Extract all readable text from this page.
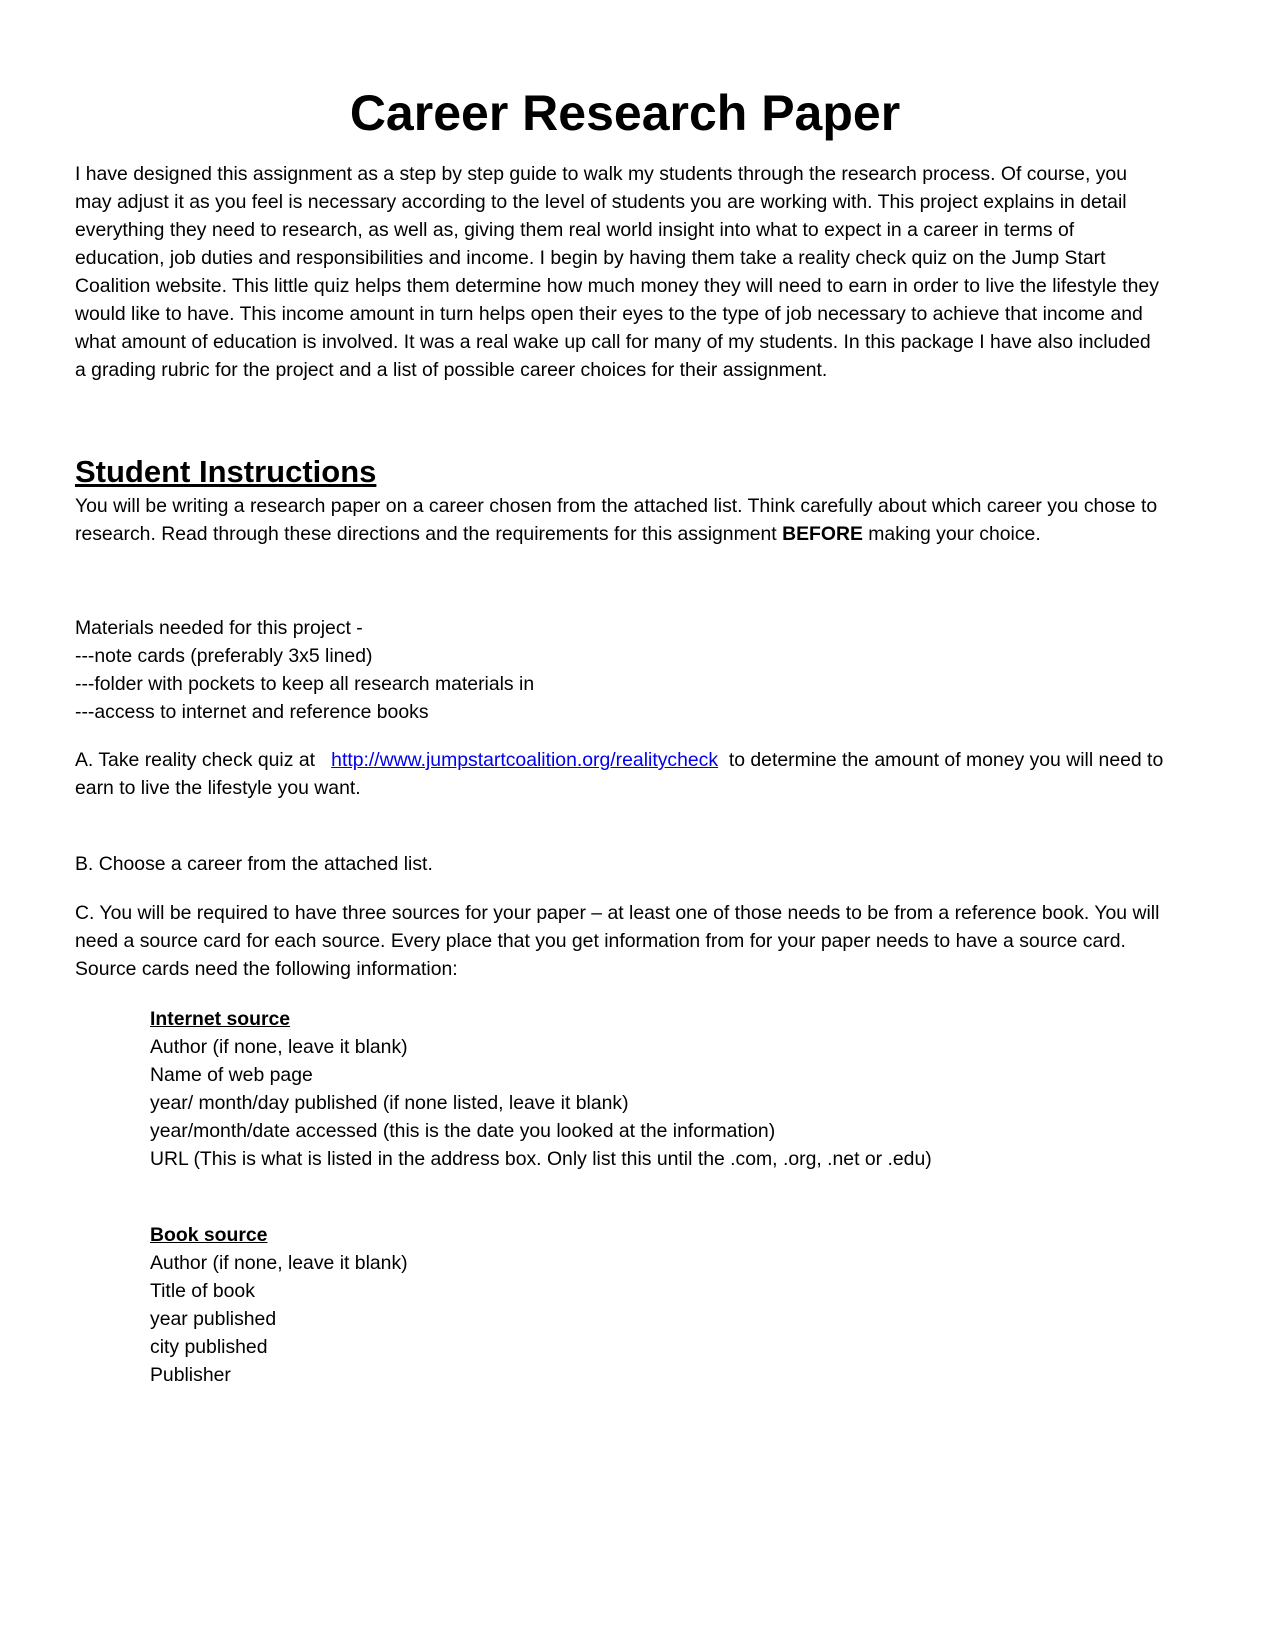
Career Research Paper

I have designed this assignment as a step by step guide to walk my students through the research process. Of course, you may adjust it as you feel is necessary according to the level of students you are working with. This project explains in detail everything they need to research, as well as, giving them real world insight into what to expect in a career in terms of education, job duties and responsibilities and income. I begin by having them take a reality check quiz on the Jump Start Coalition website. This little quiz helps them determine how much money they will need to earn in order to live the lifestyle they would like to have. This income amount in turn helps open their eyes to the type of job necessary to achieve that income and what amount of education is involved. It was a real wake up call for many of my students. In this package I have also included a grading rubric for the project and a list of possible career choices for their assignment.

Student Instructions

You will be writing a research paper on a career chosen from the attached list. Think carefully about which career you chose to research. Read through these directions and the requirements for this assignment BEFORE making your choice.

Materials needed for this project -
---note cards (preferably 3x5 lined)
---folder with pockets to keep all research materials in
---access to internet and reference books

A. Take reality check quiz at   http://www.jumpstartcoalition.org/realitycheck  to determine the amount of money you will need to earn to live the lifestyle you want.

B. Choose a career from the attached list.

C. You will be required to have three sources for your paper – at least one of those needs to be from a reference book. You will need a source card for each source. Every place that you get information from for your paper needs to have a source card. Source cards need the following information:

Internet source
Author (if none, leave it blank)
Name of web page
year/ month/day published (if none listed, leave it blank)
year/month/date accessed (this is the date you looked at the information)
URL (This is what is listed in the address box. Only list this until the .com, .org, .net or .edu)
Book source
Author (if none, leave it blank)
Title of book
year published
city published
Publisher
